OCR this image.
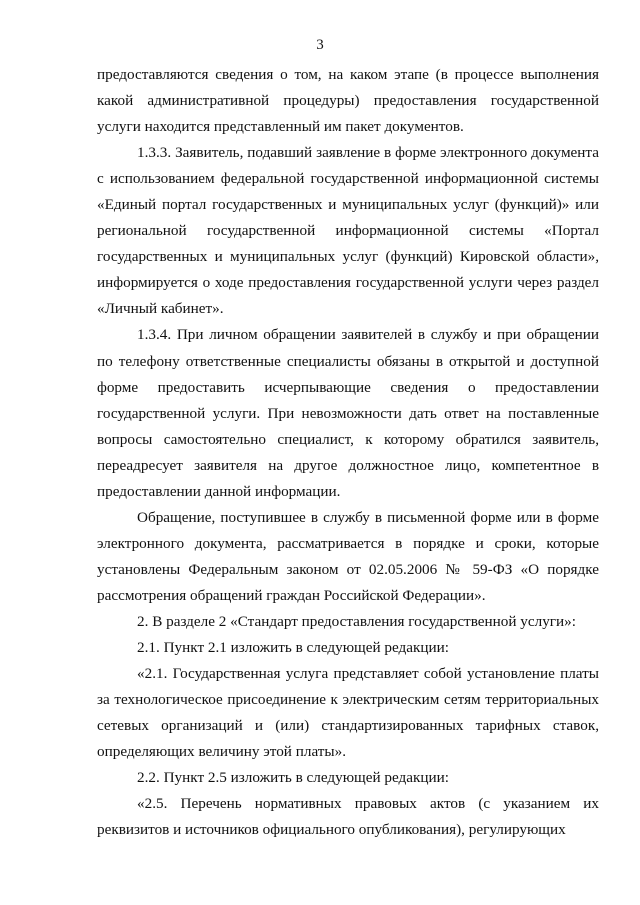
3

предоставляются сведения о том, на каком этапе (в процессе выполнения какой административной процедуры) предоставления государственной услуги находится представленный им пакет документов.

1.3.3. Заявитель, подавший заявление в форме электронного документа с использованием федеральной государственной информационной системы «Единый портал государственных и муниципальных услуг (функций)» или региональной государственной информационной системы «Портал государственных и муниципальных услуг (функций) Кировской области», информируется о ходе предоставления государственной услуги через раздел «Личный кабинет».

1.3.4. При личном обращении заявителей в службу и при обращении по телефону ответственные специалисты обязаны в открытой и доступной форме предоставить исчерпывающие сведения о предоставлении государственной услуги. При невозможности дать ответ на поставленные вопросы самостоятельно специалист, к которому обратился заявитель, переадресует заявителя на другое должностное лицо, компетентное в предоставлении данной информации.

Обращение, поступившее в службу в письменной форме или в форме электронного документа, рассматривается в порядке и сроки, которые установлены Федеральным законом от 02.05.2006 № 59-ФЗ «О порядке рассмотрения обращений граждан Российской Федерации».

2. В разделе 2 «Стандарт предоставления государственной услуги»:

2.1. Пункт 2.1 изложить в следующей редакции:

«2.1. Государственная услуга представляет собой установление платы за технологическое присоединение к электрическим сетям территориальных сетевых организаций и (или) стандартизированных тарифных ставок, определяющих величину этой платы».

2.2. Пункт 2.5 изложить в следующей редакции:

«2.5. Перечень нормативных правовых актов (с указанием их реквизитов и источников официального опубликования), регулирующих
